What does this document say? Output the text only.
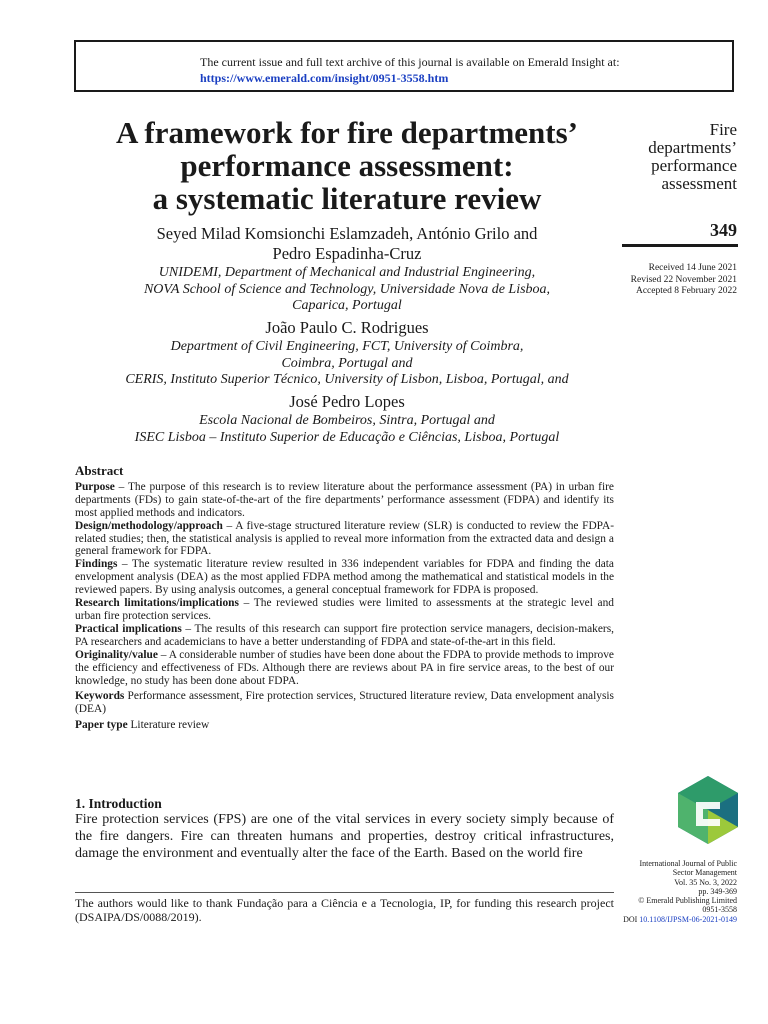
The current issue and full text archive of this journal is available on Emerald Insight at:
https://www.emerald.com/insight/0951-3558.htm
A framework for fire departments’
performance assessment:
a systematic literature review
Fire
departments’
performance
assessment
349
Received 14 June 2021
Revised 22 November 2021
Accepted 8 February 2022
Seyed Milad Komsionchi Eslamzadeh, António Grilo and
Pedro Espadinha-Cruz
UNIDEMI, Department of Mechanical and Industrial Engineering,
NOVA School of Science and Technology, Universidade Nova de Lisboa,
Caparica, Portugal
João Paulo C. Rodrigues
Department of Civil Engineering, FCT, University of Coimbra,
Coimbra, Portugal and
CERIS, Instituto Superior Técnico, University of Lisbon, Lisboa, Portugal, and
José Pedro Lopes
Escola Nacional de Bombeiros, Sintra, Portugal and
ISEC Lisboa – Instituto Superior de Educação e Ciências, Lisboa, Portugal
Abstract

Purpose – The purpose of this research is to review literature about the performance assessment (PA) in urban fire departments (FDs) to gain state-of-the-art of the fire departments’ performance assessment (FDPA) and identify its most applied methods and indicators.

Design/methodology/approach – A five-stage structured literature review (SLR) is conducted to review the FDPA-related studies; then, the statistical analysis is applied to reveal more information from the extracted data and design a general framework for FDPA.

Findings – The systematic literature review resulted in 336 independent variables for FDPA and finding the data envelopment analysis (DEA) as the most applied FDPA method among the mathematical and statistical models in the reviewed papers. By using analysis outcomes, a general conceptual framework for FDPA is proposed.

Research limitations/implications – The reviewed studies were limited to assessments at the strategic level and urban fire protection services.

Practical implications – The results of this research can support fire protection service managers, decision-makers, PA researchers and academicians to have a better understanding of FDPA and state-of-the-art in this field.

Originality/value – A considerable number of studies have been done about the FDPA to provide methods to improve the efficiency and effectiveness of FDs. Although there are reviews about PA in fire service areas, to the best of our knowledge, no study has been done about FDPA.

Keywords Performance assessment, Fire protection services, Structured literature review, Data envelopment analysis (DEA)

Paper type Literature review

1. Introduction
Fire protection services (FPS) are one of the vital services in every society simply because of the fire dangers. Fire can threaten humans and properties, destroy critical infrastructures, damage the environment and eventually alter the face of the Earth. Based on the world fire
The authors would like to thank Fundação para a Ciência e a Tecnologia, IP, for funding this research project (DSAIPA/DS/0088/2019).
International Journal of Public
Sector Management
Vol. 35 No. 3, 2022
pp. 349-369
© Emerald Publishing Limited
0951-3558
DOI 10.1108/IJPSM-06-2021-0149
